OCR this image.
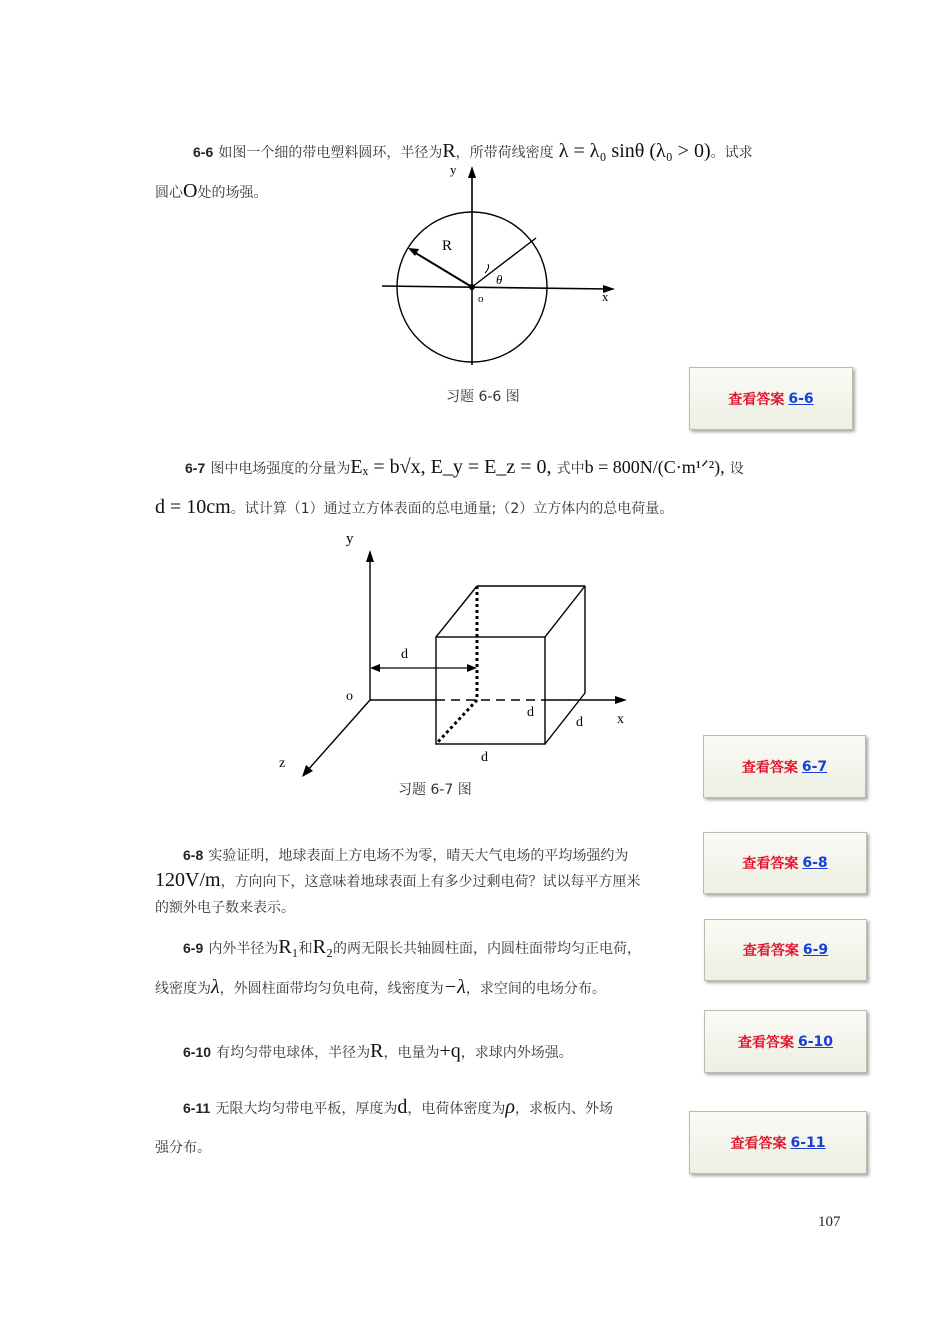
6-6 如图一个细的带电塑料圆环，半径为R，所带荷线密度 λ = λ₀ sinθ (λ₀ > 0)。试求
圆心O处的场强。
y
x
o
R
θ
习题 6-6 图
6-7 图中电场强度的分量为Eₓ = b√x, E_y = E_z = 0, 式中b = 800N/(C·m¹ᐟ²), 设
d = 10cm。试计算（1）通过立方体表面的总电通量;（2）立方体内的总电荷量。
d
d
d
d
y
x
z
o
习题 6-7 图
6-8 实验证明，地球表面上方电场不为零，晴天大气电场的平均场强约为
120V/m，方向向下，这意味着地球表面上有多少过剩电荷？试以每平方厘米
的额外电子数来表示。
6-9 内外半径为R₁和R₂的两无限长共轴圆柱面，内圆柱面带均匀正电荷，
线密度为λ，外圆柱面带均匀负电荷，线密度为−λ，求空间的电场分布。
6-10 有均匀带电球体，半径为R，电量为+q，求球内外场强。
6-11 无限大均匀带电平板，厚度为d，电荷体密度为ρ，求板内、外场
强分布。
查看答案 6-6
查看答案 6-7
查看答案 6-8
查看答案 6-9
查看答案 6-10
查看答案 6-11
107
